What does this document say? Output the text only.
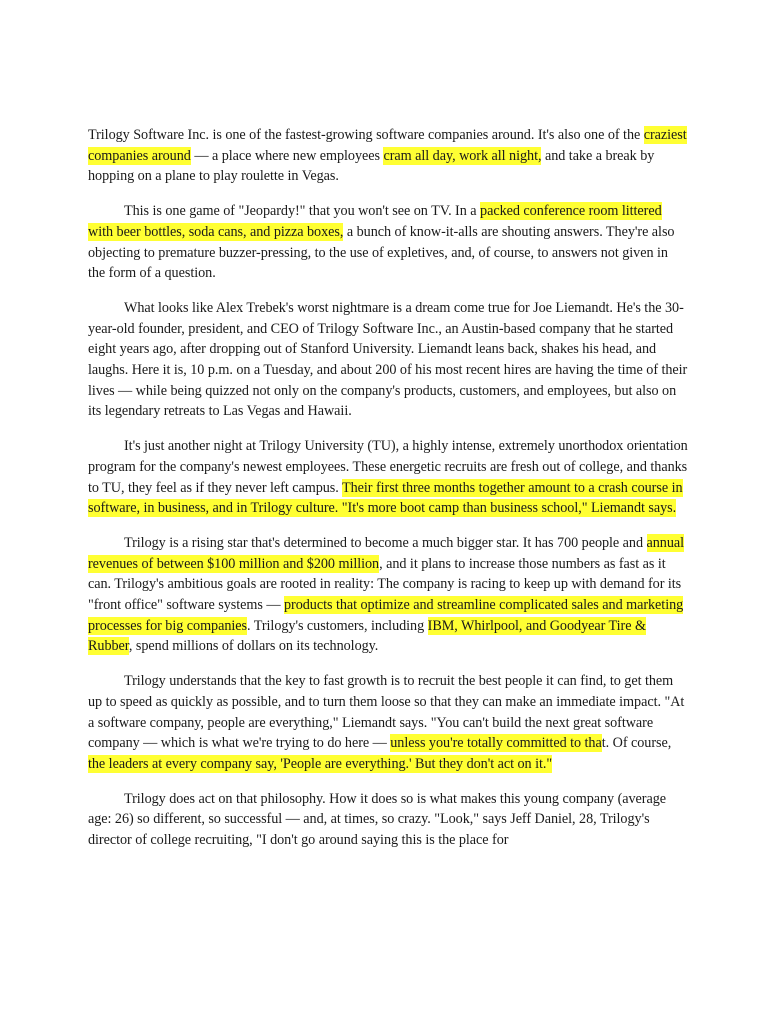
Trilogy Software Inc. is one of the fastest-growing software companies around. It's also one of the craziest companies around — a place where new employees cram all day, work all night, and take a break by hopping on a plane to play roulette in Vegas.

This is one game of "Jeopardy!" that you won't see on TV. In a packed conference room littered with beer bottles, soda cans, and pizza boxes, a bunch of know-it-alls are shouting answers. They're also objecting to premature buzzer-pressing, to the use of expletives, and, of course, to answers not given in the form of a question.

What looks like Alex Trebek's worst nightmare is a dream come true for Joe Liemandt. He's the 30-year-old founder, president, and CEO of Trilogy Software Inc., an Austin-based company that he started eight years ago, after dropping out of Stanford University. Liemandt leans back, shakes his head, and laughs. Here it is, 10 p.m. on a Tuesday, and about 200 of his most recent hires are having the time of their lives — while being quizzed not only on the company's products, customers, and employees, but also on its legendary retreats to Las Vegas and Hawaii.

It's just another night at Trilogy University (TU), a highly intense, extremely unorthodox orientation program for the company's newest employees. These energetic recruits are fresh out of college, and thanks to TU, they feel as if they never left campus. Their first three months together amount to a crash course in software, in business, and in Trilogy culture. "It's more boot camp than business school," Liemandt says.

Trilogy is a rising star that's determined to become a much bigger star. It has 700 people and annual revenues of between $100 million and $200 million, and it plans to increase those numbers as fast as it can. Trilogy's ambitious goals are rooted in reality: The company is racing to keep up with demand for its "front office" software systems — products that optimize and streamline complicated sales and marketing processes for big companies. Trilogy's customers, including IBM, Whirlpool, and Goodyear Tire & Rubber, spend millions of dollars on its technology.

Trilogy understands that the key to fast growth is to recruit the best people it can find, to get them up to speed as quickly as possible, and to turn them loose so that they can make an immediate impact. "At a software company, people are everything," Liemandt says. "You can't build the next great software company — which is what we're trying to do here — unless you're totally committed to that. Of course, the leaders at every company say, 'People are everything.' But they don't act on it."

Trilogy does act on that philosophy. How it does so is what makes this young company (average age: 26) so different, so successful — and, at times, so crazy. "Look," says Jeff Daniel, 28, Trilogy's director of college recruiting, "I don't go around saying this is the place for
